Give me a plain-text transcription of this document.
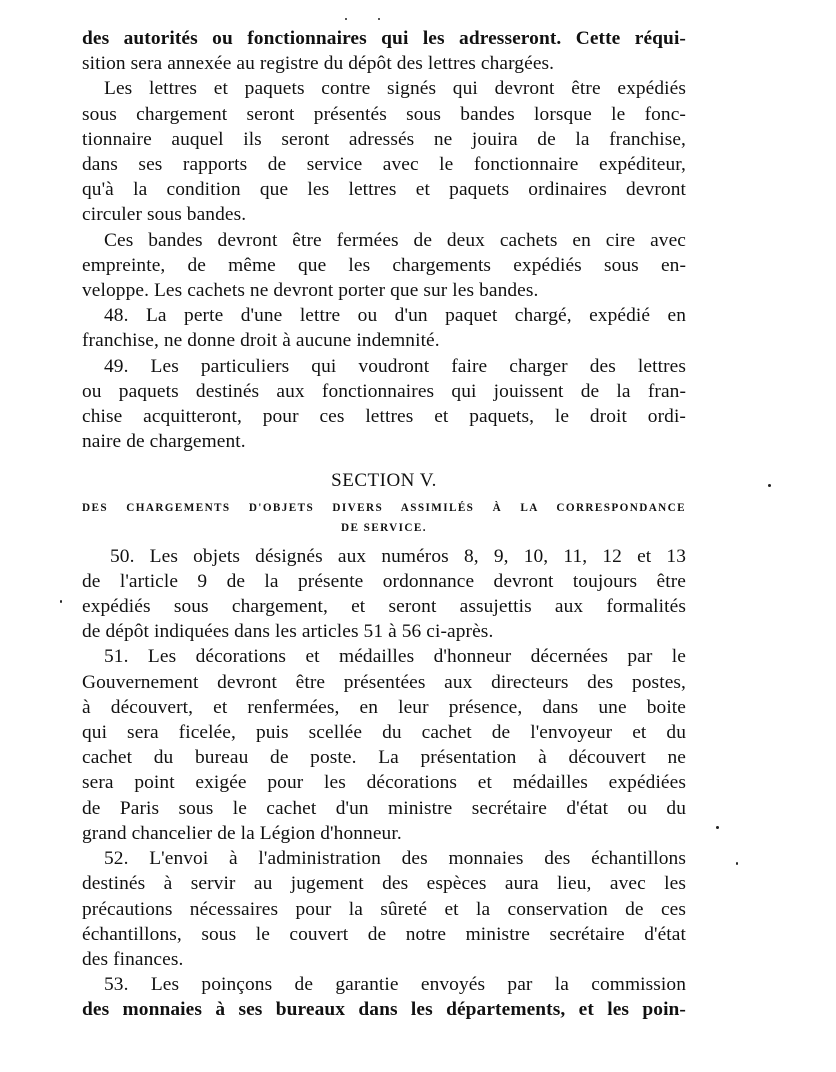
des autorités ou fonctionnaires qui les adresseront. Cette réqui-
sition sera annexée au registre du dépôt des lettres chargées.
Les lettres et paquets contre signés qui devront être expédiés
sous chargement seront présentés sous bandes lorsque le fonc-
tionnaire auquel ils seront adressés ne jouira de la franchise,
dans ses rapports de service avec le fonctionnaire expéditeur,
qu'à la condition que les lettres et paquets ordinaires devront
circuler sous bandes.
Ces bandes devront être fermées de deux cachets en cire avec
empreinte, de même que les chargements expédiés sous en-
veloppe. Les cachets ne devront porter que sur les bandes.
48. La perte d'une lettre ou d'un paquet chargé, expédié en
franchise, ne donne droit à aucune indemnité.
49. Les particuliers qui voudront faire charger des lettres
ou paquets destinés aux fonctionnaires qui jouissent de la fran-
chise acquitteront, pour ces lettres et paquets, le droit ordi-
naire de chargement.
SECTION V.
DES CHARGEMENTS D'OBJETS DIVERS ASSIMILÉS À LA CORRESPONDANCE
DE SERVICE.
50. Les objets désignés aux numéros 8, 9, 10, 11, 12 et 13
de l'article 9 de la présente ordonnance devront toujours être
expédiés sous chargement, et seront assujettis aux formalités
de dépôt indiquées dans les articles 51 à 56 ci-après.
51. Les décorations et médailles d'honneur décernées par le
Gouvernement devront être présentées aux directeurs des postes,
à découvert, et renfermées, en leur présence, dans une boite
qui sera ficelée, puis scellée du cachet de l'envoyeur et du
cachet du bureau de poste. La présentation à découvert ne
sera point exigée pour les décorations et médailles expédiées
de Paris sous le cachet d'un ministre secrétaire d'état ou du
grand chancelier de la Légion d'honneur.
52. L'envoi à l'administration des monnaies des échantillons
destinés à servir au jugement des espèces aura lieu, avec les
précautions nécessaires pour la sûreté et la conservation de ces
échantillons, sous le couvert de notre ministre secrétaire d'état
des finances.
53. Les poinçons de garantie envoyés par la commission
des monnaies à ses bureaux dans les départements, et les poin-
